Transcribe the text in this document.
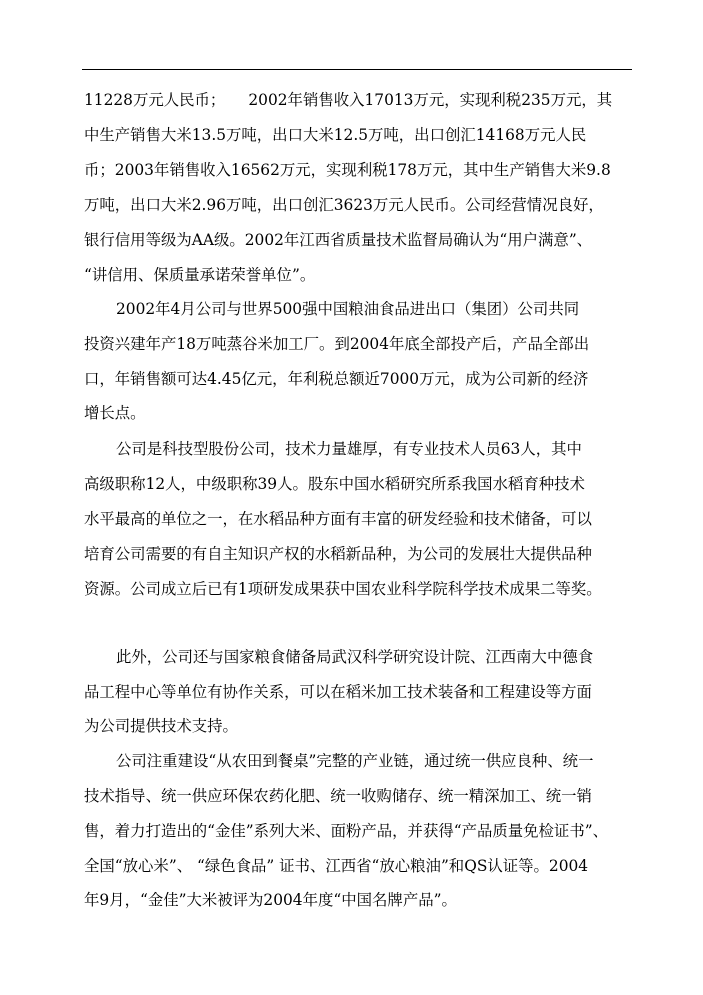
11228万元人民币；　　2002年销售收入17013万元，实现利税235万元，其
中生产销售大米13.5万吨，出口大米12.5万吨，出口创汇14168万元人民
币；2003年销售收入16562万元，实现利税178万元，其中生产销售大米9.8
万吨，出口大米2.96万吨，出口创汇3623万元人民币。公司经营情况良好，
银行信用等级为AA级。2002年江西省质量技术监督局确认为“用户满意”、
“讲信用、保质量承诺荣誉单位”。
2002年4月公司与世界500强中国粮油食品进出口（集团）公司共同
投资兴建年产18万吨蒸谷米加工厂。到2004年底全部投产后，产品全部出
口，年销售额可达4.45亿元，年利税总额近7000万元，成为公司新的经济
增长点。
公司是科技型股份公司，技术力量雄厚，有专业技术人员63人，其中
高级职称12人，中级职称39人。股东中国水稻研究所系我国水稻育种技术
水平最高的单位之一，在水稻品种方面有丰富的研发经验和技术储备，可以
培育公司需要的有自主知识产权的水稻新品种，为公司的发展壮大提供品种
资源。公司成立后已有1项研发成果获中国农业科学院科学技术成果二等奖。
此外，公司还与国家粮食储备局武汉科学研究设计院、江西南大中德食
品工程中心等单位有协作关系，可以在稻米加工技术装备和工程建设等方面
为公司提供技术支持。
公司注重建设“从农田到餐桌”完整的产业链，通过统一供应良种、统一
技术指导、统一供应环保农药化肥、统一收购储存、统一精深加工、统一销
售，着力打造出的“金佳”系列大米、面粉产品，并获得“产品质量免检证书”、
全国“放心米”、 “绿色食品” 证书、江西省“放心粮油”和QS认证等。2004
年9月，“金佳”大米被评为2004年度“中国名牌产品”。
